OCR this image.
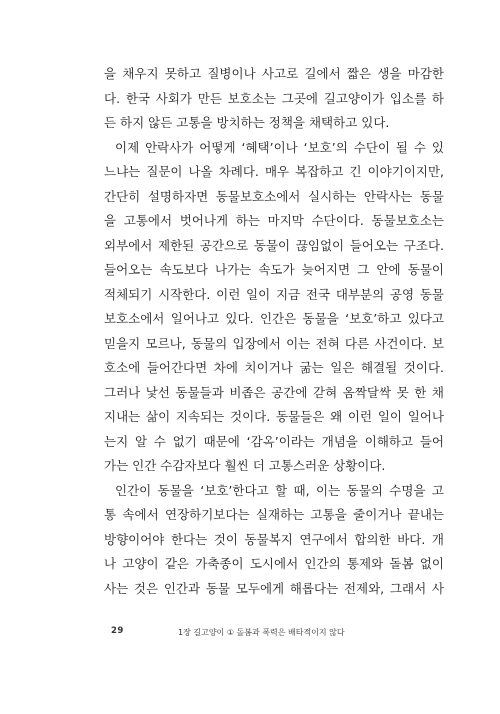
을 채우지 못하고 질병이나 사고로 길에서 짧은 생을 마감한
다. 한국 사회가 만든 보호소는 그곳에 길고양이가 입소를 하
든 하지 않든 고통을 방치하는 정책을 채택하고 있다.
이제 안락사가 어떻게 ‘혜택’이나 ‘보호’의 수단이 될 수 있
느냐는 질문이 나올 차례다. 매우 복잡하고 긴 이야기이지만,
간단히 설명하자면 동물보호소에서 실시하는 안락사는 동물
을 고통에서 벗어나게 하는 마지막 수단이다. 동물보호소는
외부에서 제한된 공간으로 동물이 끊임없이 들어오는 구조다.
들어오는 속도보다 나가는 속도가 늦어지면 그 안에 동물이
적체되기 시작한다. 이런 일이 지금 전국 대부분의 공영 동물
보호소에서 일어나고 있다. 인간은 동물을 ‘보호’하고 있다고
믿을지 모르나, 동물의 입장에서 이는 전혀 다른 사건이다. 보
호소에 들어간다면 차에 치이거나 굶는 일은 해결될 것이다.
그러나 낯선 동물들과 비좁은 공간에 갇혀 옴짝달싹 못 한 채
지내는 삶이 지속되는 것이다. 동물들은 왜 이런 일이 일어나
는지 알 수 없기 때문에 ‘감옥’이라는 개념을 이해하고 들어
가는 인간 수감자보다 훨씬 더 고통스러운 상황이다.
인간이 동물을 ‘보호’한다고 할 때, 이는 동물의 수명을 고
통 속에서 연장하기보다는 실재하는 고통을 줄이거나 끝내는
방향이어야 한다는 것이 동물복지 연구에서 합의한 바다. 개
나 고양이 같은 가축종이 도시에서 인간의 통제와 돌봄 없이
사는 것은 인간과 동물 모두에게 해롭다는 전제와, 그래서 사
29	1장 길고양이 ① 돌봄과 폭력은 배타적이지 않다
